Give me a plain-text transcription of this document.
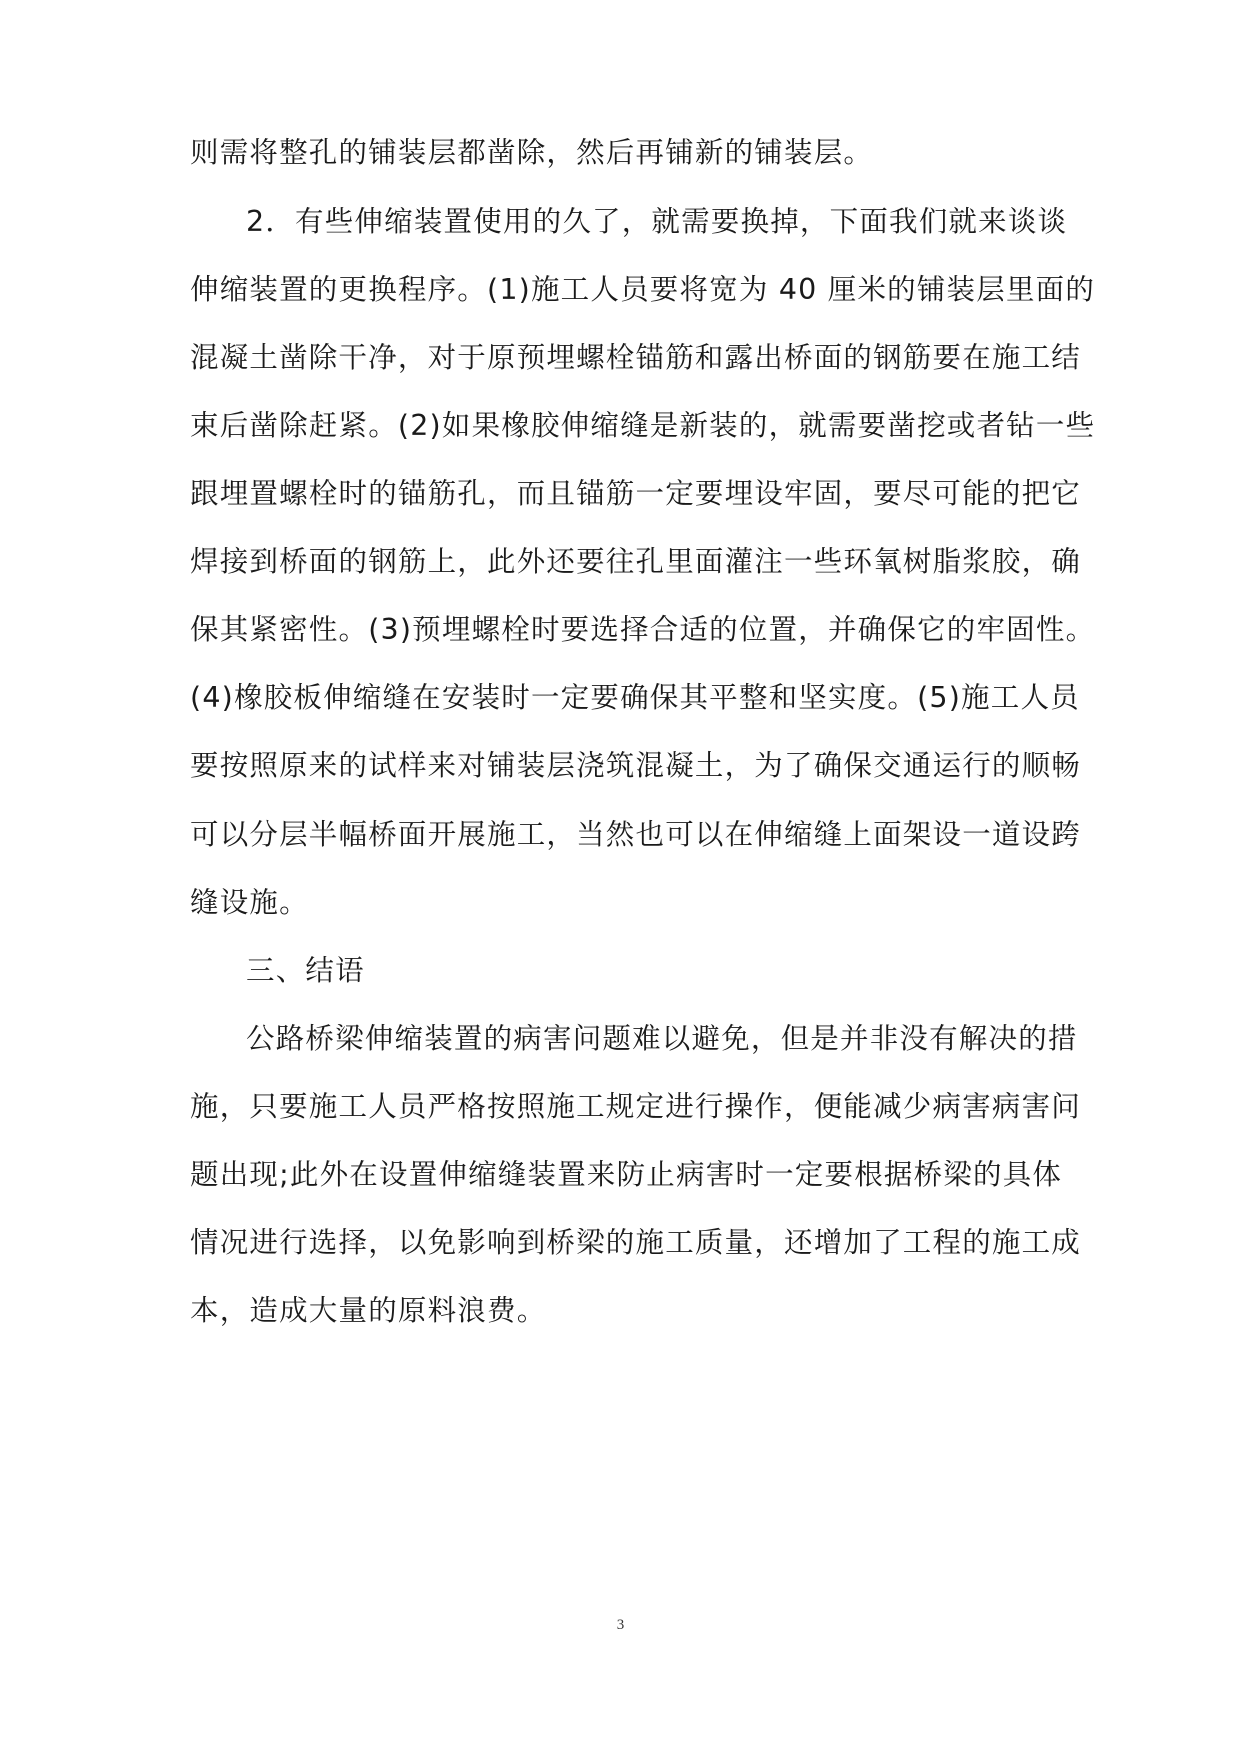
则需将整孔的铺装层都凿除，然后再铺新的铺装层。
2．有些伸缩装置使用的久了，就需要换掉，下面我们就来谈谈
伸缩装置的更换程序。(1)施工人员要将宽为 40 厘米的铺装层里面的
混凝土凿除干净，对于原预埋螺栓锚筋和露出桥面的钢筋要在施工结
束后凿除赶紧。(2)如果橡胶伸缩缝是新装的，就需要凿挖或者钻一些
跟埋置螺栓时的锚筋孔，而且锚筋一定要埋设牢固，要尽可能的把它
焊接到桥面的钢筋上，此外还要往孔里面灌注一些环氧树脂浆胶，确
保其紧密性。(3)预埋螺栓时要选择合适的位置，并确保它的牢固性。
(4)橡胶板伸缩缝在安装时一定要确保其平整和坚实度。(5)施工人员
要按照原来的试样来对铺装层浇筑混凝土，为了确保交通运行的顺畅
可以分层半幅桥面开展施工，当然也可以在伸缩缝上面架设一道设跨
缝设施。
三、结语
公路桥梁伸缩装置的病害问题难以避免，但是并非没有解决的措
施，只要施工人员严格按照施工规定进行操作，便能减少病害病害问
题出现;此外在设置伸缩缝装置来防止病害时一定要根据桥梁的具体
情况进行选择，以免影响到桥梁的施工质量，还增加了工程的施工成
本，造成大量的原料浪费。
3
